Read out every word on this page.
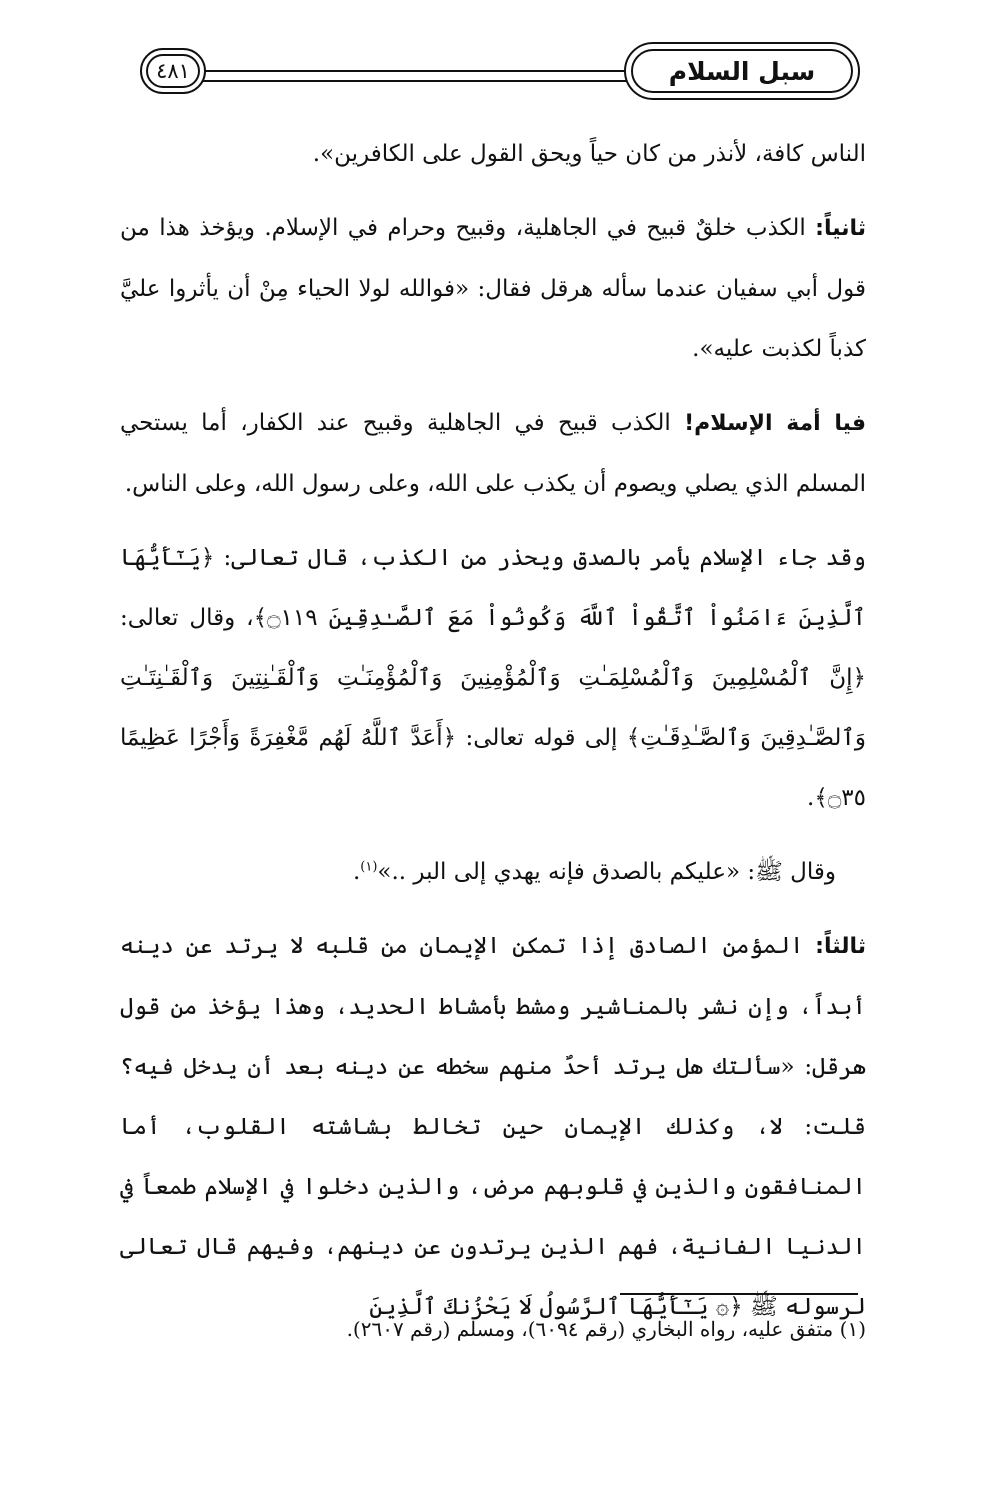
سبل السلام
٤٨١

الناس كافة، لأنذر من كان حياً ويحق القول على الكافرين».

ثانياً: الكذب خلقٌ قبيح في الجاهلية، وقبيح وحرام في الإسلام. ويؤخذ هذا من قول أبي سفيان عندما سأله هرقل فقال: «فوالله لولا الحياء مِنْ أن يأثروا عليَّ كذباً لكذبت عليه».

فيا أمة الإسلام! الكذب قبيح في الجاهلية وقبيح عند الكفار، أما يستحي المسلم الذي يصلي ويصوم أن يكذب على الله، وعلى رسول الله، وعلى الناس.

وقد جاء الإسلام يأمر بالصدق ويحذر من الكذب، قال تعالى: ﴿يَـٰٓأَيُّهَا ٱلَّذِينَ ءَامَنُواْ ٱتَّقُواْ ٱللَّهَ وَكُونُواْ مَعَ ٱلصَّـٰدِقِينَ ۝١١٩﴾، وقال تعالى: ﴿إِنَّ ٱلْمُسْلِمِينَ وَٱلْمُسْلِمَـٰتِ وَٱلْمُؤْمِنِينَ وَٱلْمُؤْمِنَـٰتِ وَٱلْقَـٰنِتِينَ وَٱلْقَـٰنِتَـٰتِ وَٱلصَّـٰدِقِينَ وَٱلصَّـٰدِقَـٰتِ﴾ إلى قوله تعالى: ﴿أَعَدَّ ٱللَّهُ لَهُم مَّغْفِرَةً وَأَجْرًا عَظِيمًا ۝٣٥﴾.

وقال ﷺ: «عليكم بالصدق فإنه يهدي إلى البر ..»$^{(١)}$.

ثالثاً: المؤمن الصادق إذا تمكن الإيمان من قلبه لا يرتد عن دينه أبداً، وإن نشر بالمناشير ومشط بأمشاط الحديد، وهذا يؤخذ من قول هرقل: «سألتك هل يرتد أحدٌ منهم سخطه عن دينه بعد أن يدخل فيه؟ قلت: لا، وكذلك الإيمان حين تخالط بشاشته القلوب، أما المنافقون والذين في قلوبهم مرض، والذين دخلوا في الإسلام طمعاً في الدنيا الفانية، فهم الذين يرتدون عن دينهم، وفيهم قال تعالى لرسوله ﷺ ﴿۞ يَـٰٓأَيُّهَا ٱلرَّسُولُ لَا يَحْزُنكَ ٱلَّذِينَ

(١) متفق عليه، رواه البخاري (رقم ٦٠٩٤)، ومسلم (رقم ٢٦٠٧).
